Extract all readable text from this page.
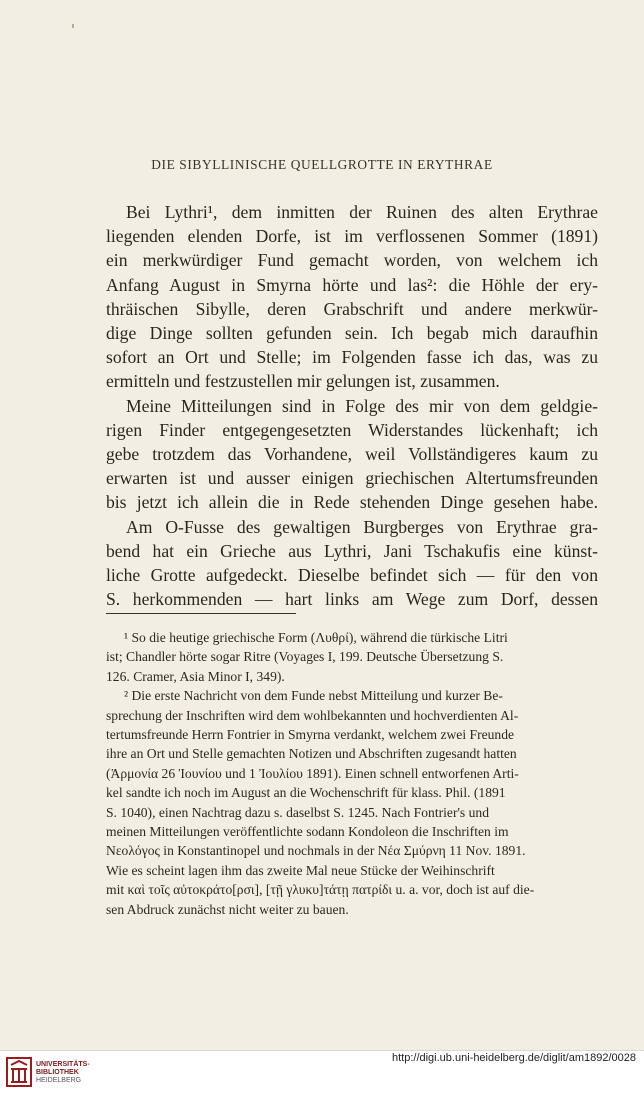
DIE SIBYLLINISCHE QUELLGROTTE IN ERYTHRAE

Bei Lythri¹, dem inmitten der Ruinen des alten Erythrae

liegenden elenden Dorfe, ist im verflossenen Sommer (1891)

ein merkwürdiger Fund gemacht worden, von welchem ich

Anfang August in Smyrna hörte und las²: die Höhle der ery-

thräischen Sibylle, deren Grabschrift und andere merkwür-

dige Dinge sollten gefunden sein. Ich begab mich daraufhin

sofort an Ort und Stelle; im Folgenden fasse ich das, was zu

ermitteln und festzustellen mir gelungen ist, zusammen.

Meine Mitteilungen sind in Folge des mir von dem geldgie-

rigen Finder entgegengesetzten Widerstandes lückenhaft; ich

gebe trotzdem das Vorhandene, weil Vollständigeres kaum zu

erwarten ist und ausser einigen griechischen Altertumsfreunden

bis jetzt ich allein die in Rede stehenden Dinge gesehen habe.

Am O-Fusse des gewaltigen Burgberges von Erythrae gra-

bend hat ein Grieche aus Lythri, Jani Tschakufis eine künst-

liche Grotte aufgedeckt. Dieselbe befindet sich — für den von

S. herkommenden — hart links am Wege zum Dorf, dessen

¹ So die heutige griechische Form (Λυθρί), während die türkische Litri

ist; Chandler hörte sogar Ritre (Voyages I, 199. Deutsche Übersetzung S.

126. Cramer, Asia Minor I, 349).

² Die erste Nachricht von dem Funde nebst Mitteilung und kurzer Be-

sprechung der Inschriften wird dem wohlbekannten und hochverdienten Al-

tertumsfreunde Herrn Fontrier in Smyrna verdankt, welchem zwei Freunde

ihre an Ort und Stelle gemachten Notizen und Abschriften zugesandt hatten

(Ἁρμονία 26 Ἰουνίου und 1 Ἰουλίου 1891). Einen schnell entworfenen Arti-

kel sandte ich noch im August an die Wochenschrift für klass. Phil. (1891

S. 1040), einen Nachtrag dazu s. daselbst S. 1245. Nach Fontrier's und

meinen Mitteilungen veröffentlichte sodann Kondoleon die Inschriften im

Νεολόγος in Konstantinopel und nochmals in der Νέα Σμύρνη 11 Nov. 1891.

Wie es scheint lagen ihm das zweite Mal neue Stücke der Weihinschrift

mit καὶ τοῖς αὐτοκράτο[ρσι], [τῇ γλυκυ]τάτῃ πατρίδι u. a. vor, doch ist auf die-

sen Abdruck zunächst nicht weiter zu bauen.

UNIVERSITÄTS-
BIBLIOTHEK
HEIDELBERG
http://digi.ub.uni-heidelberg.de/diglit/am1892/0028
